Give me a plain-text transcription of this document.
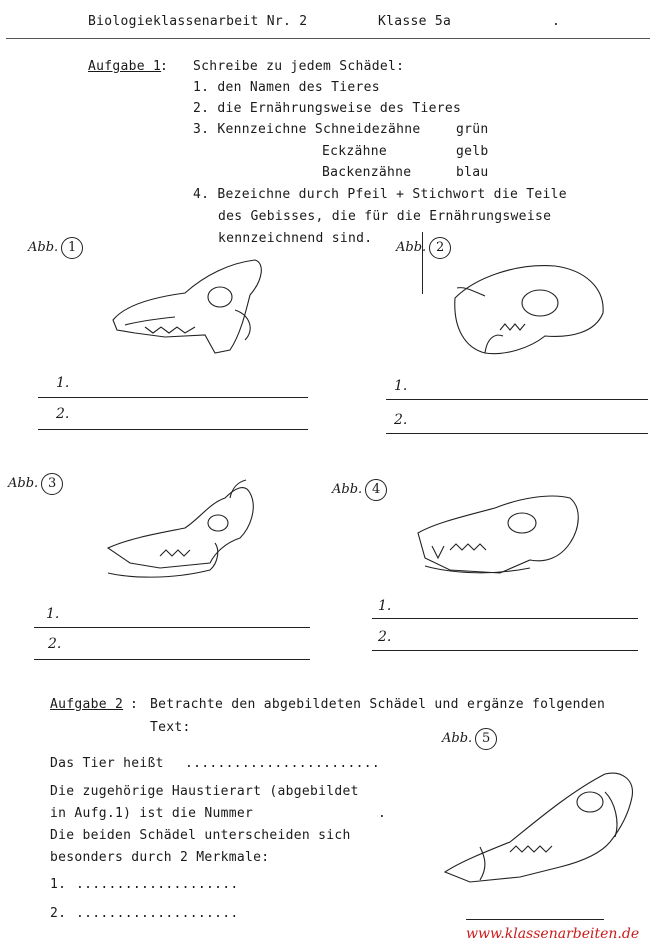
Biologieklassenarbeit Nr. 2	Klasse 5a	.
Aufgabe 1
: Schreibe zu jedem Schädel:
1. den Namen des Tieres
2. die Ernährungsweise des Tieres
3. Kennzeichne Schneidezähne	grün
Eckzähne	gelb
Backenzähne	blau
4. Bezeichne durch Pfeil + Stichwort die Teile
des Gebisses, die für die Ernährungsweise
kennzeichnend sind.
Abb. 1
1.
2.
Abb. 2
1.
2.
Abb. 3
1.
2.
Abb. 4
1.
2.
Aufgabe 2 : Betrachte den abgebildeten Schädel und ergänze folgenden
Text:
Abb. 5
Das Tier heißt ........................
Die zugehörige Haustierart (abgebildet
in Aufg.1) ist die Nummer	.
Die beiden Schädel unterscheiden sich
besonders durch 2 Merkmale:
1. ....................
2. ....................
www.klassenarbeiten.de
